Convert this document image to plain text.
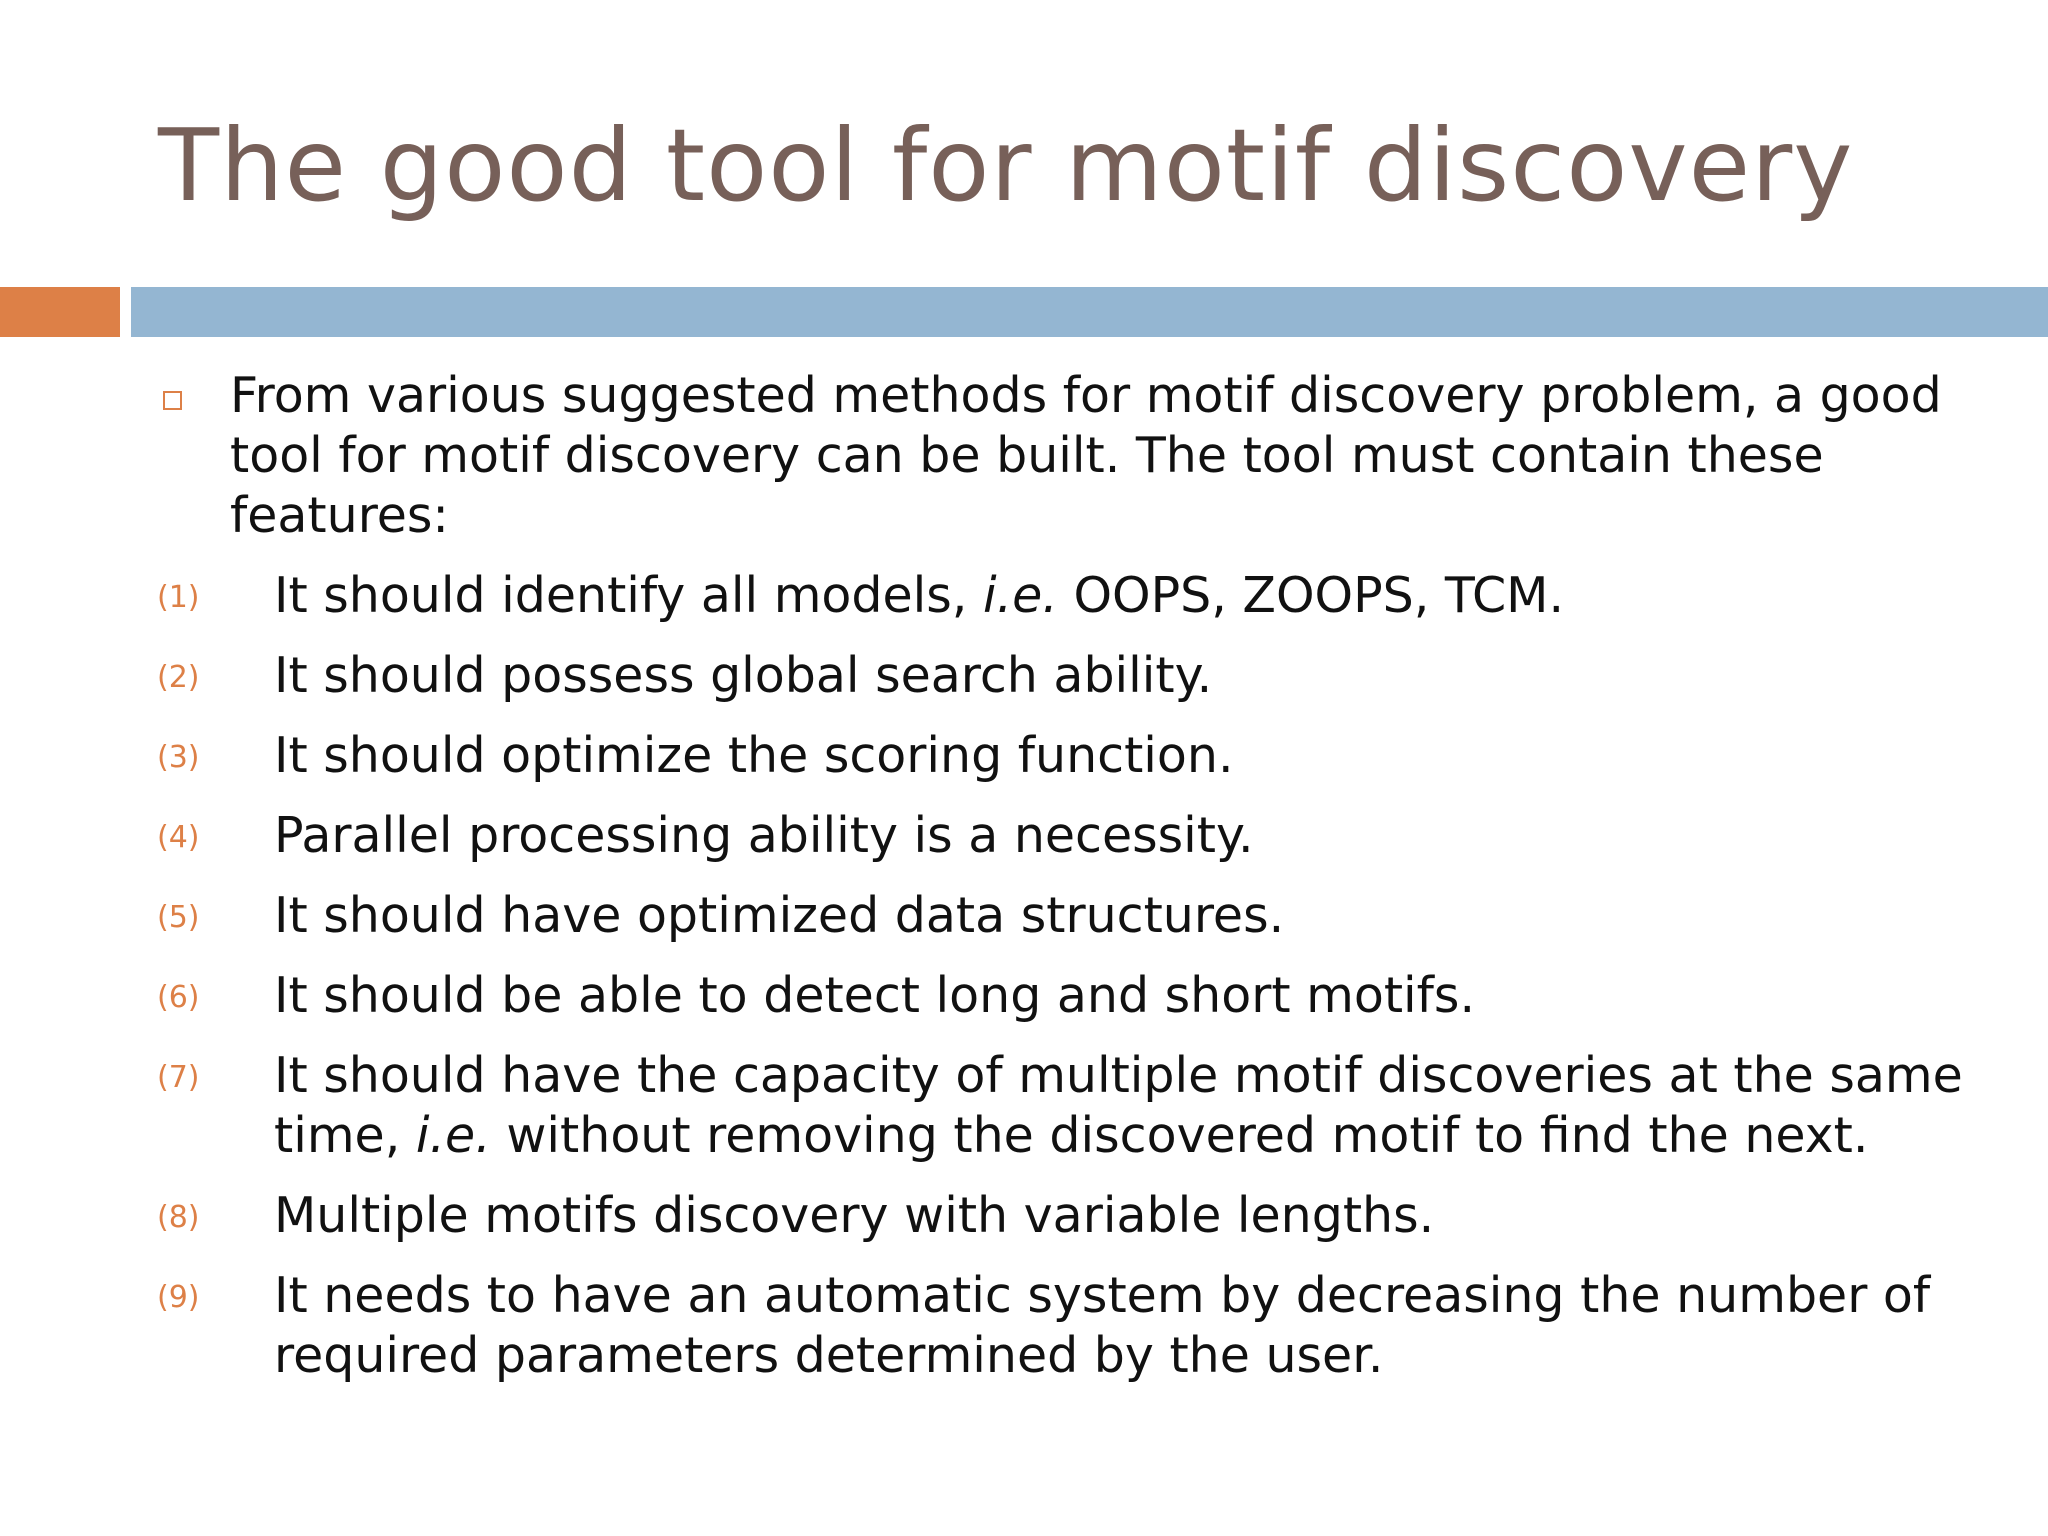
The good tool for motif discovery
From various suggested methods for motif discovery problem, a good tool for motif discovery can be built. The tool must contain these features:
(1) It should identify all models, i.e. OOPS, ZOOPS, TCM.
(2) It should possess global search ability.
(3) It should optimize the scoring function.
(4) Parallel processing ability is a necessity.
(5) It should have optimized data structures.
(6) It should be able to detect long and short motifs.
(7) It should have the capacity of multiple motif discoveries at the same time, i.e. without removing the discovered motif to find the next.
(8) Multiple motifs discovery with variable lengths.
(9) It needs to have an automatic system by decreasing the number of required parameters determined by the user.
